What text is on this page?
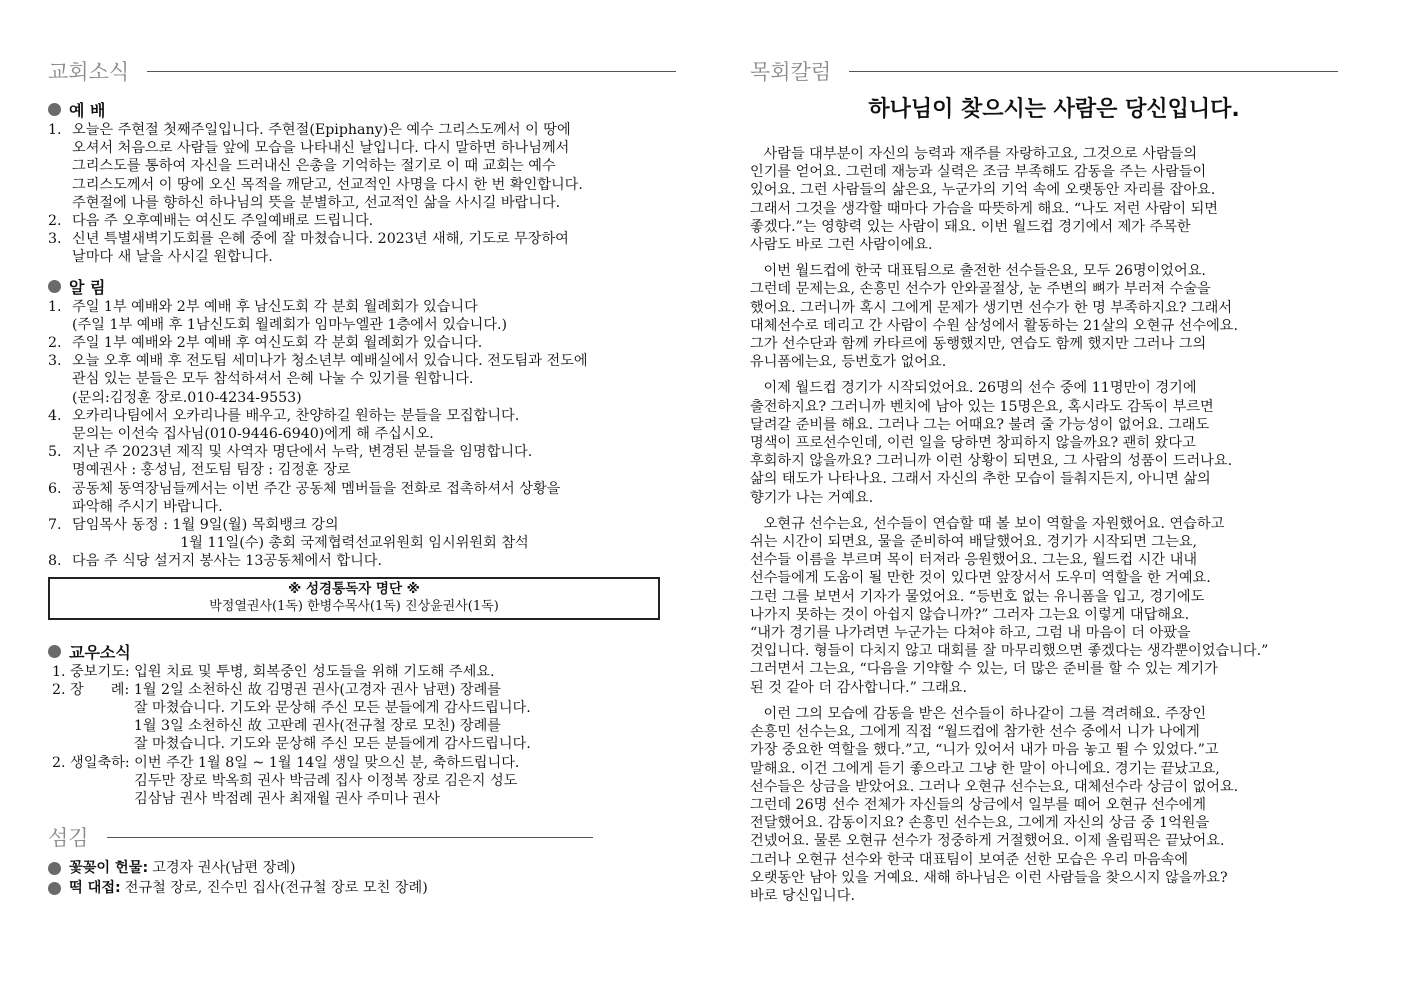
교회소식
예 배
1. 오늘은 주현절 첫째주일입니다. 주현절(Epiphany)은 예수 그리스도께서 이 땅에
오셔서 처음으로 사람들 앞에 모습을 나타내신 날입니다. 다시 말하면 하나님께서
그리스도를 통하여 자신을 드러내신 은총을 기억하는 절기로 이 때 교회는 예수
그리스도께서 이 땅에 오신 목적을 깨닫고, 선교적인 사명을 다시 한 번 확인합니다.
주현절에 나를 향하신 하나님의 뜻을 분별하고, 선교적인 삶을 사시길 바랍니다.
2. 다음 주 오후예배는 여신도 주일예배로 드립니다.
3. 신년 특별새벽기도회를 은혜 중에 잘 마쳤습니다. 2023년 새해, 기도로 무장하여
날마다 새 날을 사시길 원합니다.
알 림
1. 주일 1부 예배와 2부 예배 후 남신도회 각 분회 월례회가 있습니다
(주일 1부 예배 후 1남신도회 월례회가 임마누엘관 1층에서 있습니다.)
2. 주일 1부 예배와 2부 예배 후 여신도회 각 분회 월례회가 있습니다.
3. 오늘 오후 예배 후 전도팀 세미나가 청소년부 예배실에서 있습니다. 전도팀과 전도에
관심 있는 분들은 모두 참석하셔서 은혜 나눌 수 있기를 원합니다.
(문의:김정훈 장로.010-4234-9553)
4. 오카리나팀에서 오카리나를 배우고, 찬양하길 원하는 분들을 모집합니다.
문의는 이선숙 집사님(010-9446-6940)에게 해 주십시오.
5. 지난 주 2023년 제직 및 사역자 명단에서 누락, 변경된 분들을 임명합니다.
명예권사 : 홍성님, 전도팀 팀장 : 김정훈 장로
6. 공동체 동역장님들께서는 이번 주간 공동체 멤버들을 전화로 접촉하셔서 상황을
파악해 주시기 바랍니다.
7. 담임목사 동정 : 1월 9일(월) 목회뱅크 강의
1월 11일(수) 총회 국제협력선교위원회 임시위원회 참석
8. 다음 주 식당 설거지 봉사는 13공동체에서 합니다.
※ 성경통독자 명단 ※
박정열권사(1독) 한병수목사(1독) 진상윤권사(1독)
교우소식
1. 중보기도: 입원 치료 및 투병, 회복중인 성도들을 위해 기도해 주세요.
2. 장      례: 1월 2일 소천하신 故 김명권 권사(고경자 권사 남편) 장례를
잘 마쳤습니다. 기도와 문상해 주신 모든 분들에게 감사드립니다.
1월 3일 소천하신 故 고판례 권사(전규철 장로 모친) 장례를
잘 마쳤습니다. 기도와 문상해 주신 모든 분들에게 감사드립니다.
2. 생일축하: 이번 주간 1월 8일 ~ 1월 14일 생일 맞으신 분, 축하드립니다.
김두만 장로 박옥희 권사 박금례 집사 이정복 장로 김은지 성도
김삼남 권사 박점례 권사 최재월 권사 주미나 권사
섬김
꽃꽂이 헌물: 고경자 권사(남편 장례)
떡 대접: 전규철 장로, 진수민 집사(전규철 장로 모친 장례)
목회칼럼
하나님이 찾으시는 사람은 당신입니다.
사람들 대부분이 자신의 능력과 재주를 자랑하고요, 그것으로 사람들의
인기를 얻어요. 그런데 재능과 실력은 조금 부족해도 감동을 주는 사람들이
있어요. 그런 사람들의 삶은요, 누군가의 기억 속에 오랫동안 자리를 잡아요.
그래서 그것을 생각할 때마다 가슴을 따뜻하게 해요. “나도 저런 사람이 되면
좋겠다.”는 영향력 있는 사람이 돼요. 이번 월드컵 경기에서 제가 주목한
사람도 바로 그런 사람이에요.
이번 월드컵에 한국 대표팀으로 출전한 선수들은요, 모두 26명이었어요.
그런데 문제는요, 손흥민 선수가 안와골절상, 눈 주변의 뼈가 부러져 수술을
했어요. 그러니까 혹시 그에게 문제가 생기면 선수가 한 명 부족하지요? 그래서
대체선수로 데리고 간 사람이 수원 삼성에서 활동하는 21살의 오현규 선수에요.
그가 선수단과 함께 카타르에 동행했지만, 연습도 함께 했지만 그러나 그의
유니폼에는요, 등번호가 없어요.
이제 월드컵 경기가 시작되었어요. 26명의 선수 중에 11명만이 경기에
출전하지요? 그러니까 벤치에 남아 있는 15명은요, 혹시라도 감독이 부르면
달려갈 준비를 해요. 그러나 그는 어때요? 불려 줄 가능성이 없어요. 그래도
명색이 프로선수인데, 이런 일을 당하면 창피하지 않을까요? 괜히 왔다고
후회하지 않을까요? 그러니까 이런 상황이 되면요, 그 사람의 성품이 드러나요.
삶의 태도가 나타나요. 그래서 자신의 추한 모습이 들춰지든지, 아니면 삶의
향기가 나는 거예요.
오현규 선수는요, 선수들이 연습할 때 볼 보이 역할을 자원했어요. 연습하고
쉬는 시간이 되면요, 물을 준비하여 배달했어요. 경기가 시작되면 그는요,
선수들 이름을 부르며 목이 터져라 응원했어요. 그는요, 월드컵 시간 내내
선수들에게 도움이 될 만한 것이 있다면 앞장서서 도우미 역할을 한 거예요.
그런 그를 보면서 기자가 물었어요. “등번호 없는 유니폼을 입고, 경기에도
나가지 못하는 것이 아쉽지 않습니까?” 그러자 그는요 이렇게 대답해요.
“내가 경기를 나가려면 누군가는 다쳐야 하고, 그럼 내 마음이 더 아팠을
것입니다. 형들이 다치지 않고 대회를 잘 마무리했으면 좋겠다는 생각뿐이었습니다.”
그러면서 그는요, “다음을 기약할 수 있는, 더 많은 준비를 할 수 있는 계기가
된 것 같아 더 감사합니다.” 그래요.
이런 그의 모습에 감동을 받은 선수들이 하나같이 그를 격려해요. 주장인
손흥민 선수는요, 그에게 직접 “월드컵에 참가한 선수 중에서 니가 나에게
가장 중요한 역할을 했다.”고, “니가 있어서 내가 마음 놓고 뛸 수 있었다.”고
말해요. 이건 그에게 듣기 좋으라고 그냥 한 말이 아니에요. 경기는 끝났고요,
선수들은 상금을 받았어요. 그러나 오현규 선수는요, 대체선수라 상금이 없어요.
그런데 26명 선수 전체가 자신들의 상금에서 일부를 떼어 오현규 선수에게
전달했어요. 감동이지요? 손흥민 선수는요, 그에게 자신의 상금 중 1억원을
건넸어요. 물론 오현규 선수가 정중하게 거절했어요. 이제 올림픽은 끝났어요.
그러나 오현규 선수와 한국 대표팀이 보여준 선한 모습은 우리 마음속에
오랫동안 남아 있을 거예요. 새해 하나님은 이런 사람들을 찾으시지 않을까요?
바로 당신입니다.
